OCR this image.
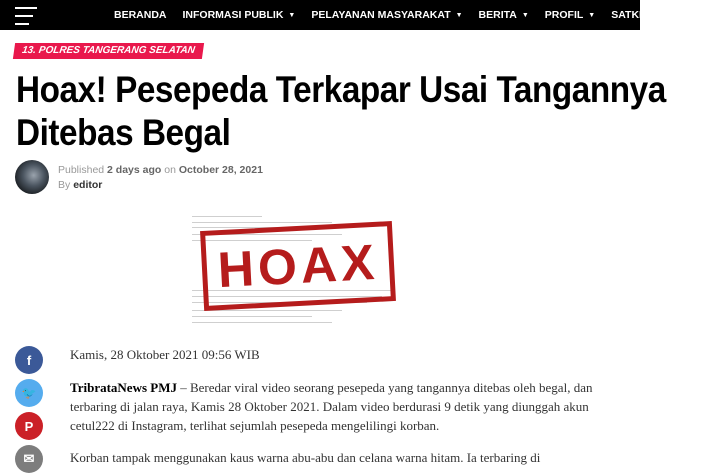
BERANDA INFORMASI PUBLIK ▼ PELAYANAN MASYARAKAT ▼ BERITA ▼ PROFIL ▼ SATKER ▼ POLRE
13. POLRES TANGERANG SELATAN
Hoax! Pesepeda Terkapar Usai Tangannya
Ditebas Begal
Published 2 days ago on October 28, 2021
By editor
HOAX
f
🐦
P
✉
Kamis, 28 Oktober 2021 09:56 WIB
TribrataNews PMJ – Beredar viral video seorang pesepeda yang tangannya ditebas oleh begal, dan terbaring di jalan raya, Kamis 28 Oktober 2021. Dalam video berdurasi 9 detik yang diunggah akun cetul222 di Instagram, terlihat sejumlah pesepeda mengelilingi korban.
Korban tampak menggunakan kaus warna abu-abu dan celana warna hitam. Ia terbaring di
